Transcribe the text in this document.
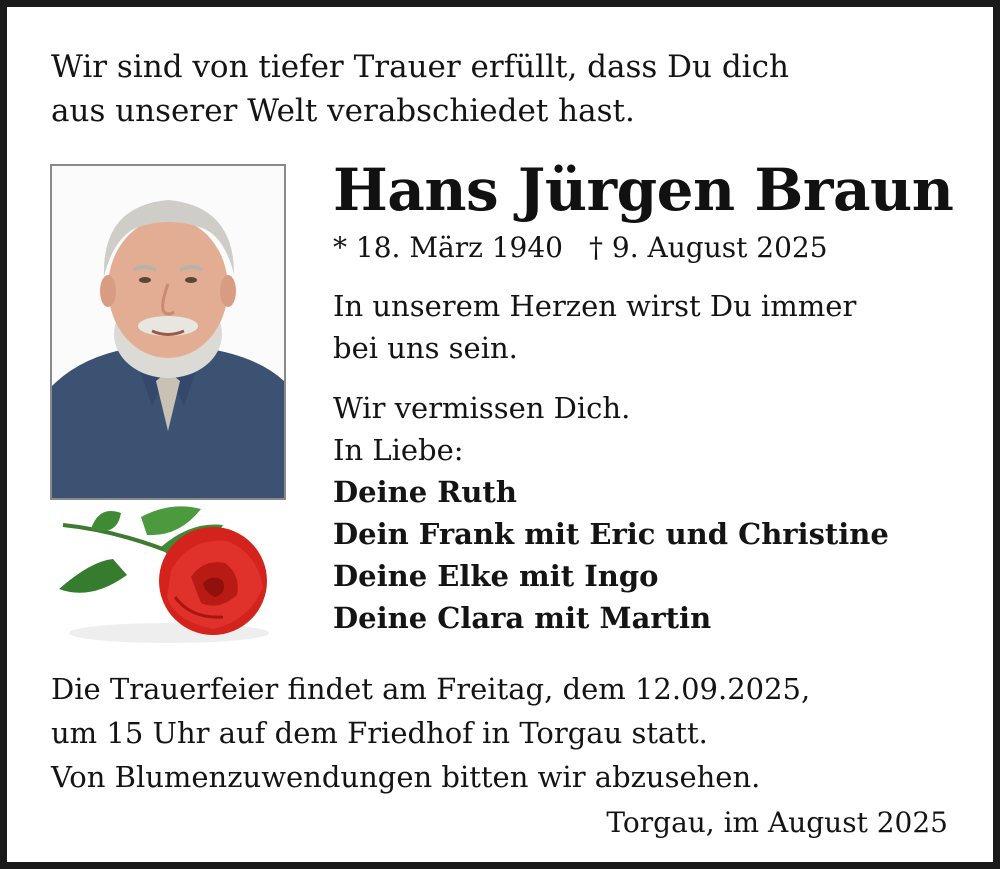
Wir sind von tiefer Trauer erfüllt, dass Du dich
aus unserer Welt verabschiedet hast.

Hans Jürgen Braun
* 18. März 1940 † 9. August 2025
In unserem Herzen wirst Du immer
bei uns sein.
Wir vermissen Dich.
In Liebe:
Deine Ruth
Dein Frank mit Eric und Christine
Deine Elke mit Ingo
Deine Clara mit Martin
Die Trauerfeier findet am Freitag, dem 12.09.2025,
um 15 Uhr auf dem Friedhof in Torgau statt.
Von Blumenzuwendungen bitten wir abzusehen.
Torgau, im August 2025
